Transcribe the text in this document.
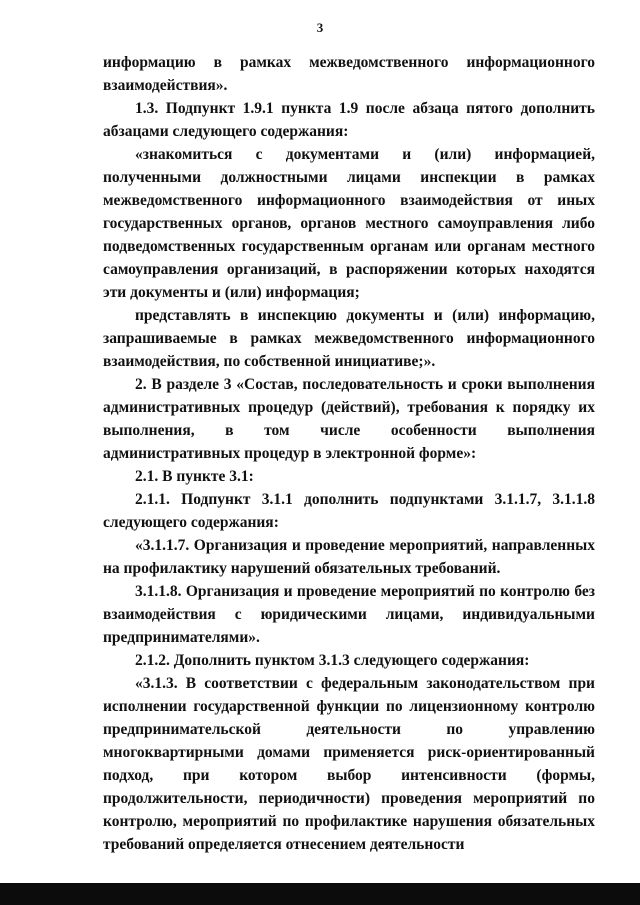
3

информацию в рамках межведомственного информационного взаимодействия».

1.3. Подпункт 1.9.1 пункта 1.9 после абзаца пятого дополнить абзацами следующего содержания:

«знакомиться с документами и (или) информацией, полученными должностными лицами инспекции в рамках межведомственного информационного взаимодействия от иных государственных органов, органов местного самоуправления либо подведомственных государственным органам или органам местного самоуправления организаций, в распоряжении которых находятся эти документы и (или) информация;

представлять в инспекцию документы и (или) информацию, запрашиваемые в рамках межведомственного информационного взаимодействия, по собственной инициативе;».

2. В разделе 3 «Состав, последовательность и сроки выполнения административных процедур (действий), требования к порядку их выполнения, в том числе особенности выполнения административных процедур в электронной форме»:

2.1. В пункте 3.1:

2.1.1. Подпункт 3.1.1 дополнить подпунктами 3.1.1.7, 3.1.1.8 следующего содержания:

«3.1.1.7. Организация и проведение мероприятий, направленных на профилактику нарушений обязательных требований.

3.1.1.8. Организация и проведение мероприятий по контролю без взаимодействия с юридическими лицами, индивидуальными предпринимателями».

2.1.2. Дополнить пунктом 3.1.3 следующего содержания:

«3.1.3. В соответствии с федеральным законодательством при исполнении государственной функции по лицензионному контролю предпринимательской деятельности по управлению многоквартирными домами применяется риск-ориентированный подход, при котором выбор интенсивности (формы, продолжительности, периодичности) проведения мероприятий по контролю, мероприятий по профилактике нарушения обязательных требований определяется отнесением деятельности
